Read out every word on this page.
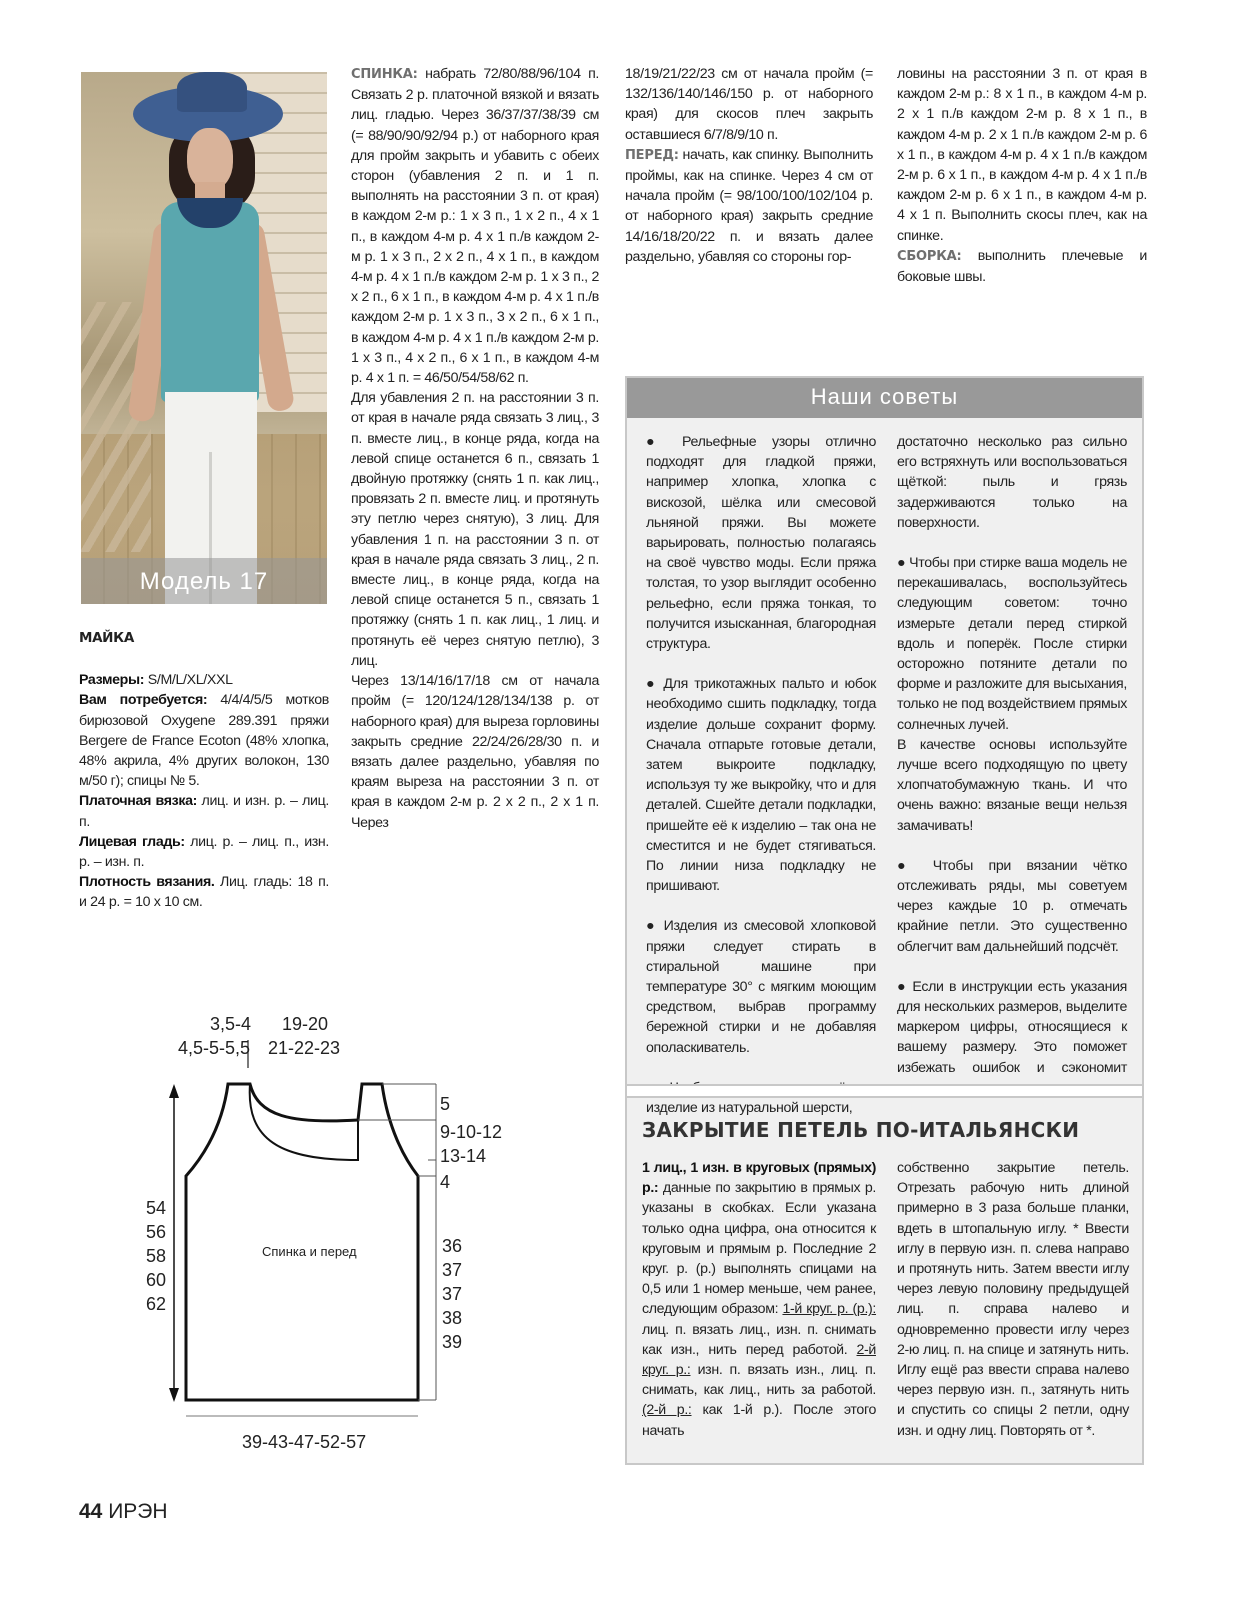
Модель 17
МАЙКА

Размеры: S/M/L/XL/XXL

Вам потребуется: 4/4/4/5/5 мотков бирюзовой Oxygene 289.391 пряжи Bergere de France Ecoton (48% хлопка, 48% акрила, 4% других волокон, 130 м/50 г); спицы № 5.

Платочная вязка: лиц. и изн. р. – лиц. п.

Лицевая гладь: лиц. р. – лиц. п., изн. р. – изн. п.

Плотность вязания. Лиц. гладь: 18 п. и 24 р. = 10 х 10 см.

СПИНКА: набрать 72/80/88/96/104 п. Связать 2 р. платочной вязкой и вязать лиц. гладью. Через 36/37/37/38/39 см (= 88/90/90/92/94 р.) от наборного края для пройм закрыть и убавить с обеих сторон (убавления 2 п. и 1 п. выполнять на расстоянии 3 п. от края) в каждом 2-м р.: 1 х 3 п., 1 х 2 п., 4 х 1 п., в каждом 4-м р. 4 х 1 п./в каждом 2-м р. 1 х 3 п., 2 х 2 п., 4 х 1 п., в каждом 4-м р. 4 х 1 п./в каждом 2-м р. 1 х 3 п., 2 х 2 п., 6 х 1 п., в каждом 4-м р. 4 х 1 п./в каждом 2-м р. 1 х 3 п., 3 х 2 п., 6 х 1 п., в каждом 4-м р. 4 х 1 п./в каждом 2-м р. 1 х 3 п., 4 х 2 п., 6 х 1 п., в каждом 4-м р. 4 х 1 п. = 46/50/54/58/62 п.

Для убавления 2 п. на расстоянии 3 п. от края в начале ряда связать 3 лиц., 3 п. вместе лиц., в конце ряда, когда на левой спице останется 6 п., связать 1 двойную протяжку (снять 1 п. как лиц., провязать 2 п. вместе лиц. и протянуть эту петлю через снятую), 3 лиц. Для убавления 1 п. на расстоянии 3 п. от края в начале ряда связать 3 лиц., 2 п. вместе лиц., в конце ряда, когда на левой спице останется 5 п., связать 1 протяжку (снять 1 п. как лиц., 1 лиц. и протянуть её через снятую петлю), 3 лиц.

Через 13/14/16/17/18 см от начала пройм (= 120/124/128/134/138 р. от наборного края) для выреза горловины закрыть средние 22/24/26/28/30 п. и вязать далее раздельно, убавляя по краям выреза на расстоянии 3 п. от края в каждом 2-м р. 2 х 2 п., 2 х 1 п. Через

18/19/21/22/23 см от начала пройм (= 132/136/140/146/150 р. от наборного края) для скосов плеч закрыть оставшиеся 6/7/8/9/10 п.

ПЕРЕД: начать, как спинку. Выполнить проймы, как на спинке. Через 4 см от начала пройм (= 98/100/100/102/104 р. от наборного края) закрыть средние 14/16/18/20/22 п. и вязать далее раздельно, убавляя со стороны гор-

ловины на расстоянии 3 п. от края в каждом 2-м р.: 8 х 1 п., в каждом 4-м р. 2 х 1 п./в каждом 2-м р. 8 х 1 п., в каждом 4-м р. 2 х 1 п./в каждом 2-м р. 6 х 1 п., в каждом 4-м р. 4 х 1 п./в каждом 2-м р. 6 х 1 п., в каждом 4-м р. 4 х 1 п./в каждом 2-м р. 6 х 1 п., в каждом 4-м р. 4 х 1 п. Выполнить скосы плеч, как на спинке.

СБОРКА: выполнить плечевые и боковые швы.

Наши советы

● Рельефные узоры отлично подходят для гладкой пряжи, например хлопка, хлопка с вискозой, шёлка или смесовой льняной пряжи. Вы можете варьировать, полностью полагаясь на своё чувство моды. Если пряжа толстая, то узор выглядит особенно рельефно, если пряжа тонкая, то получится изысканная, благородная структура.

● Для трикотажных пальто и юбок необходимо сшить подкладку, тогда изделие дольше сохранит форму. Сначала отпарьте готовые детали, затем выкроите подкладку, используя ту же выкройку, что и для деталей. Сшейте детали подкладки, пришейте её к изделию – так она не сместится и не будет стягиваться. По линии низа подкладку не пришивают.

● Изделия из смесовой хлопковой пряжи следует стирать в стиральной машине при температуре 30° с мягким моющим средством, выбрав программу бережной стирки и не добавляя ополаскиватель.

изделие из натуральной шерсти,

достаточно несколько раз сильно его встряхнуть или воспользоваться щёткой: пыль и грязь задерживаются только на поверхности.

● Чтобы при стирке ваша модель не перекашивалась, воспользуйтесь следующим советом: точно измерьте детали перед стиркой вдоль и поперёк. После стирки осторожно потяните детали по форме и разложите для высыхания, только не под воздействием прямых солнечных лучей.

В качестве основы используйте лучше всего подходящую по цвету хлопчатобумажную ткань. И что очень важно: вязаные вещи нельзя замачивать!

● Чтобы при вязании чётко отслеживать ряды, мы советуем через каждые 10 р. отмечать крайние петли. Это существенно облегчит вам дальнейший подсчёт.

● Если в инструкции есть указания для нескольких размеров, выделите маркером цифры, относящиеся к вашему размеру. Это поможет избежать ошибок и сэкономит

ЗАКРЫТИЕ ПЕТЕЛЬ ПО-ИТАЛЬЯНСКИ

1 лиц., 1 изн. в круговых (прямых) р.: данные по закрытию в прямых р. указаны в скобках. Если указана только одна цифра, она относится к круговым и прямым р. Последние 2 круг. р. (р.) выполнять спицами на 0,5 или 1 номер меньше, чем ранее, следующим образом: 1-й круг. р. (р.): лиц. п. вязать лиц., изн. п. снимать как изн., нить перед работой. 2-й круг. р.: изн. п. вязать изн., лиц. п. снимать, как лиц., нить за работой. (2-й р.: как 1-й р.). После этого начать

собственно закрытие петель. Отрезать рабочую нить длиной примерно в 3 раза больше планки, вдеть в штопальную иглу. * Ввести иглу в первую изн. п. слева направо и протянуть нить. Затем ввести иглу через левую половину предыдущей лиц. п. справа налево и одновременно провести иглу через 2-ю лиц. п. на спице и затянуть нить. Иглу ещё раз ввести справа налево через первую изн. п., затянуть нить и спустить со спицы 2 петли, одну изн. и одну лиц. Повторять от *.

3,5-4
4,5-5-5,5
19-20
21-22-23
5
9-10-12
13-14
4
36
37
37
38
39
54
56
58
60
62
Спинка и перед
39-43-47-52-57
44 ИРЭН
